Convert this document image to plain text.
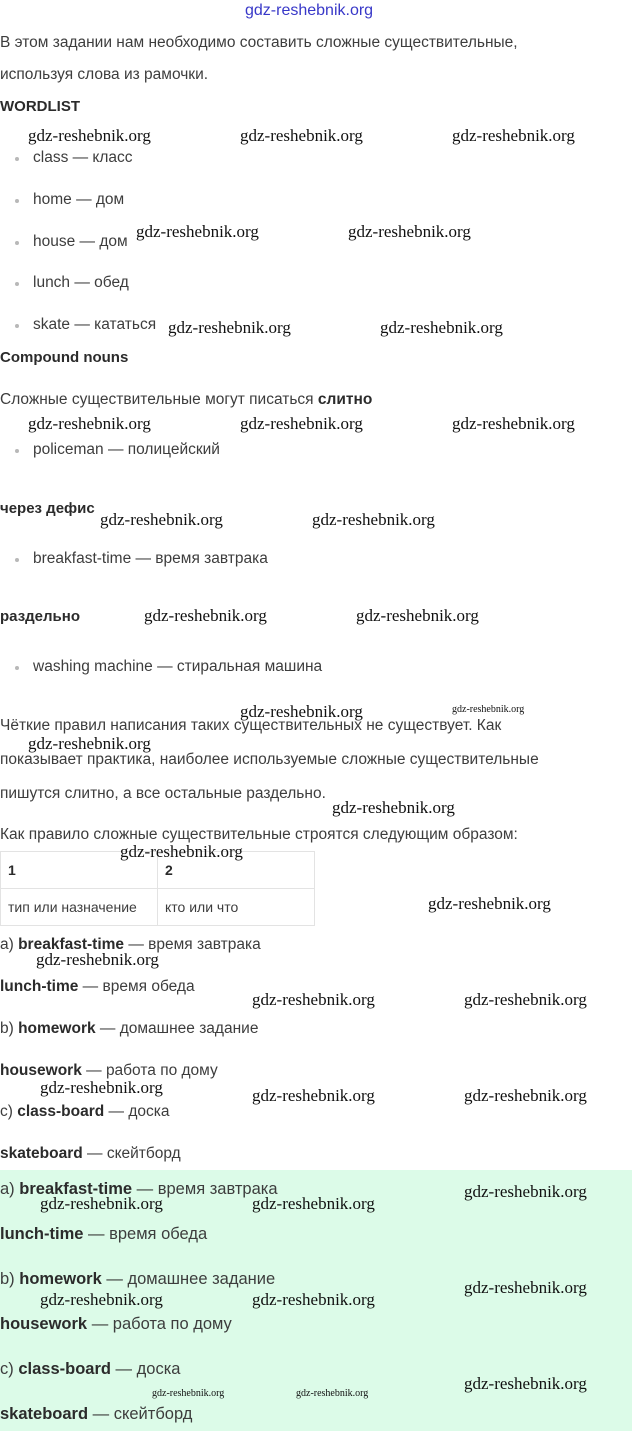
gdz-reshebnik.org
В этом задании нам необходимо составить сложные существительные,
используя слова из рамочки.
WORDLIST
class — класс
home — дом
house — дом
lunch — обед
skate — кататься
Compound nouns
Сложные существительные могут писаться слитно
policeman — полицейский
через дефис
breakfast-time — время завтрака
раздельно
washing machine — стиральная машина
Чёткие правил написания таких существительных не существует. Как
показывает практика, наиболее используемые сложные существительные
пишутся слитно, а все остальные раздельно.
Как правило сложные существительные строятся следующим образом:
1	2
тип или назначение	кто или что
a) breakfast-time — время завтрака
lunch-time — время обеда
b) homework — домашнее задание
housework — работа по дому
c) class-board — доска
skateboard — скейтборд
a) breakfast-time — время завтрака
lunch-time — время обеда
b) homework — домашнее задание
housework — работа по дому
c) class-board — доска
skateboard — скейтборд
gdz-reshebnik.org	gdz-reshebnik.org	gdz-reshebnik.org
gdz-reshebnik.org	gdz-reshebnik.org
gdz-reshebnik.org	gdz-reshebnik.org
gdz-reshebnik.org	gdz-reshebnik.org	gdz-reshebnik.org
gdz-reshebnik.org	gdz-reshebnik.org
gdz-reshebnik.org	gdz-reshebnik.org
gdz-reshebnik.org	gdz-reshebnik.org
gdz-reshebnik.org
gdz-reshebnik.org
gdz-reshebnik.org
gdz-reshebnik.org
gdz-reshebnik.org
gdz-reshebnik.org	gdz-reshebnik.org
gdz-reshebnik.org	gdz-reshebnik.org	gdz-reshebnik.org
gdz-reshebnik.org
gdz-reshebnik.org	gdz-reshebnik.org
gdz-reshebnik.org
gdz-reshebnik.org	gdz-reshebnik.org
gdz-reshebnik.org
gdz-reshebnik.org	gdz-reshebnik.org
